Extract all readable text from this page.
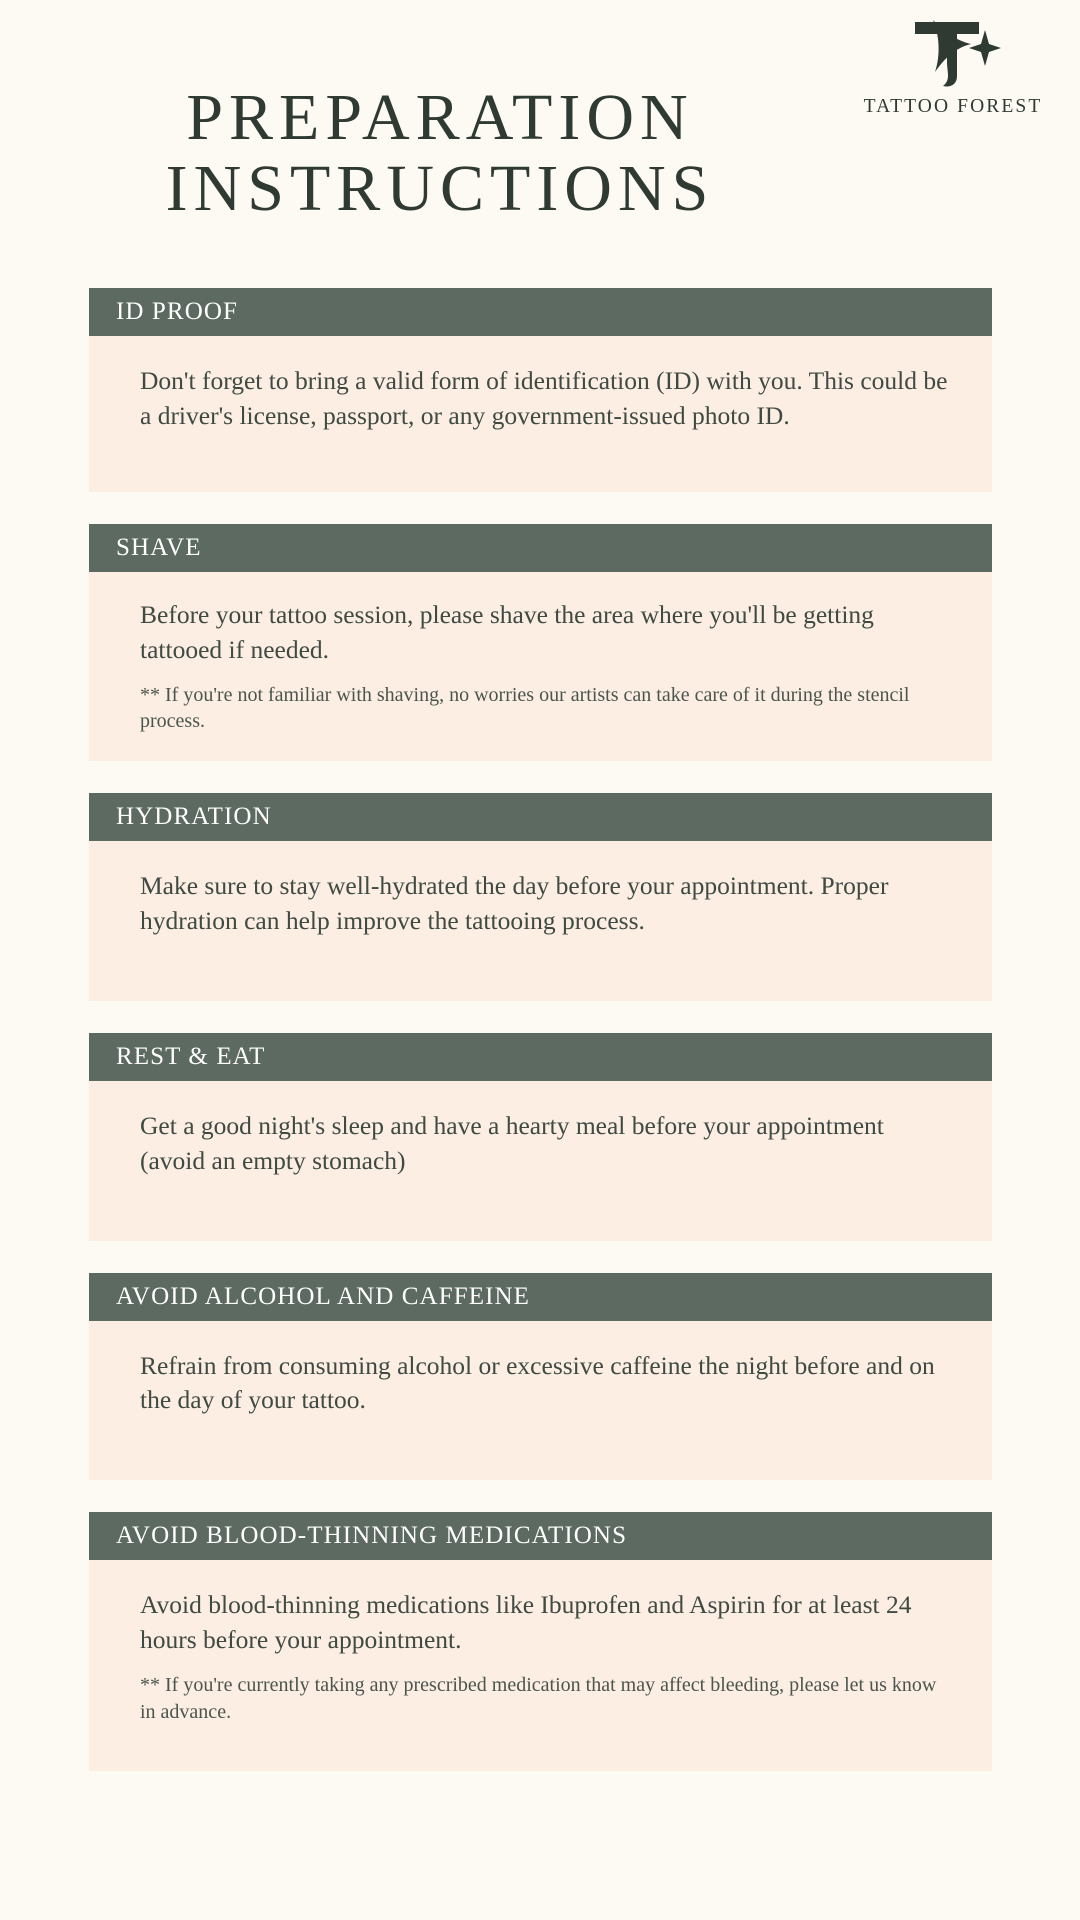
TATTOO FOREST
PREPARATION
INSTRUCTIONS
ID PROOF

Don't forget to bring a valid form of identification (ID) with you. This could be a driver's license, passport, or any government-issued photo ID.

SHAVE

Before your tattoo session, please shave the area where you'll be getting tattooed if needed.

** If you're not familiar with shaving, no worries our artists can take care of it during the stencil process.

HYDRATION

Make sure to stay well-hydrated the day before your appointment. Proper hydration can help improve the tattooing process.

REST & EAT

Get a good night's sleep and have a hearty meal before your appointment (avoid an empty stomach)

AVOID ALCOHOL AND CAFFEINE

Refrain from consuming alcohol or excessive caffeine the night before and on the day of your tattoo.

AVOID BLOOD-THINNING MEDICATIONS

Avoid blood-thinning medications like Ibuprofen and Aspirin for at least 24 hours before your appointment.

** If you're currently taking any prescribed medication that may affect bleeding, please let us know in advance.
